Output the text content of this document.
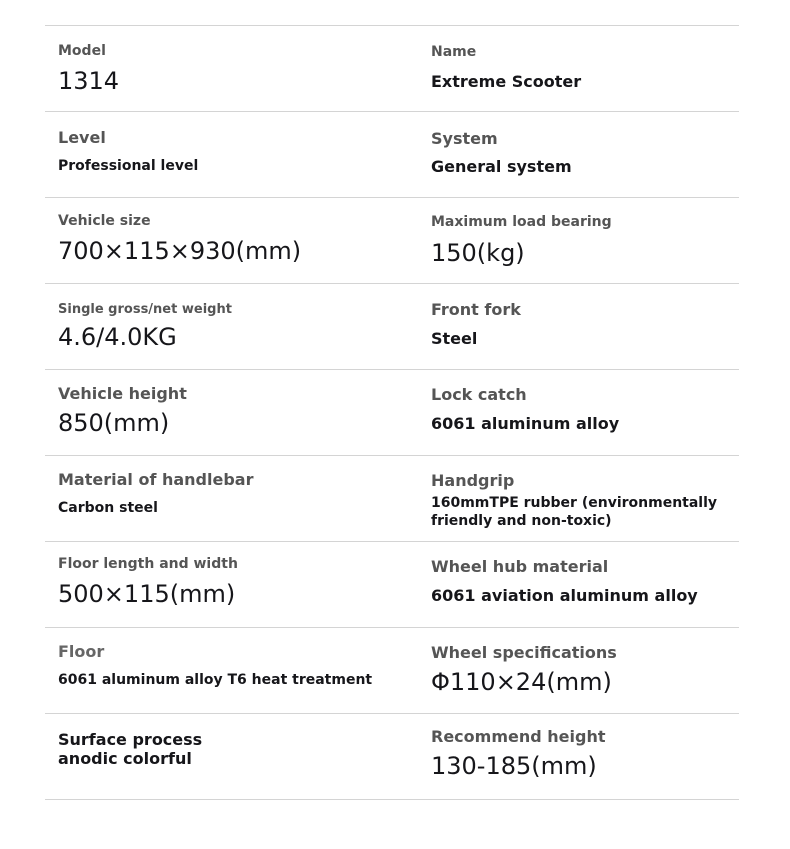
Model
1314
Name
Extreme Scooter
Level
Professional level
System
General system
Vehicle size
700×115×930(mm)
Maximum load bearing
150(kg)
Single gross/net weight
4.6/4.0KG
Front fork
Steel
Vehicle height
850(mm)
Lock catch
6061 aluminum alloy
Material of handlebar
Carbon steel
Handgrip
160mmTPE rubber (environmentally friendly and non-toxic)
Floor length and width
500×115(mm)
Wheel hub material
6061 aviation aluminum alloy
Floor
6061 aluminum alloy T6 heat treatment
Wheel specifications
Φ110×24(mm)
Surface process
anodic colorful
Recommend height
130-185(mm)
